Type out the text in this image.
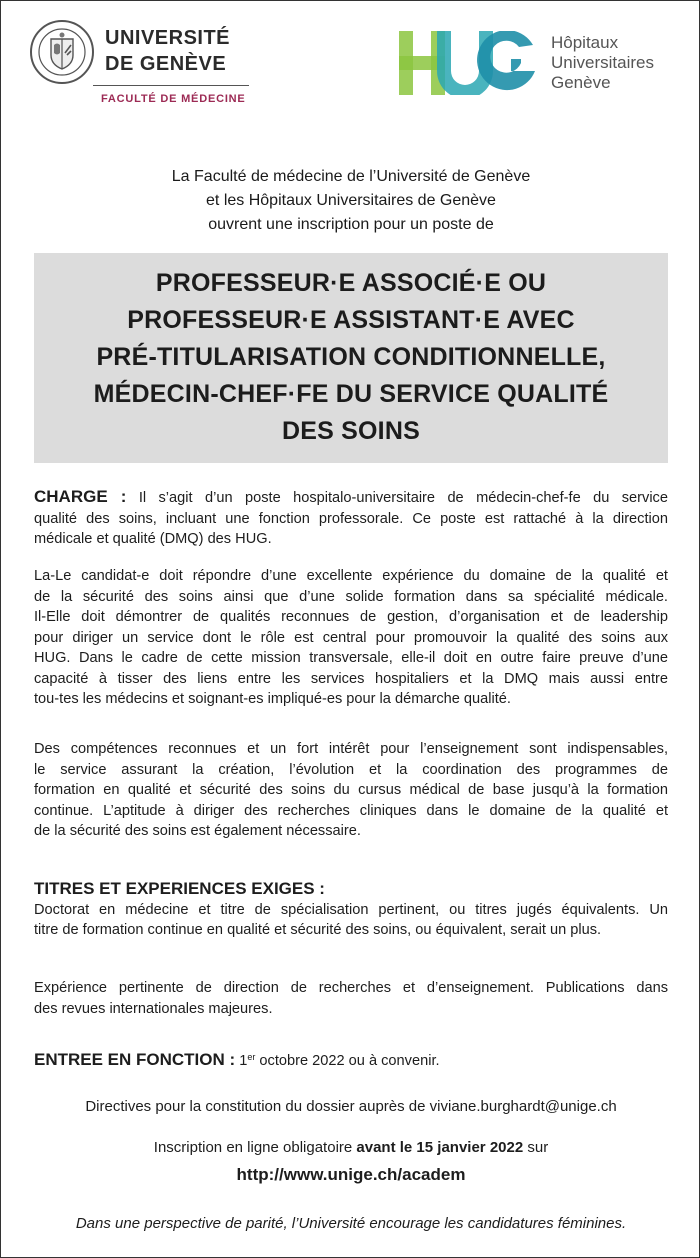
UNIVERSITÉ
DE GENÈVE
FACULTÉ DE MÉDECINE
Hôpitaux
Universitaires
Genève
La Faculté de médecine de l’Université de Genève
et les Hôpitaux Universitaires de Genève
ouvrent une inscription pour un poste de
PROFESSEUR·E ASSOCIÉ·E OU
PROFESSEUR·E ASSISTANT·E AVEC
PRÉ-TITULARISATION CONDITIONNELLE,
MÉDECIN-CHEF·FE DU SERVICE QUALITÉ
DES SOINS
CHARGE : Il s’agit d’un poste hospitalo-universitaire de médecin-chef-fe du service
qualité des soins, incluant une fonction professorale. Ce poste est rattaché à la direction
médicale et qualité (DMQ) des HUG.
La-Le candidat-e doit répondre d’une excellente expérience du domaine de la qualité et
de la sécurité des soins ainsi que d’une solide formation dans sa spécialité médicale.
Il-Elle doit démontrer de qualités reconnues de gestion, d’organisation et de leadership
pour diriger un service dont le rôle est central pour promouvoir la qualité des soins aux
HUG. Dans le cadre de cette mission transversale, elle-il doit en outre faire preuve d’une
capacité à tisser des liens entre les services hospitaliers et la DMQ mais aussi entre
tou-tes les médecins et soignant-es impliqué-es pour la démarche qualité.
Des compétences reconnues et un fort intérêt pour l’enseignement sont indispensables,
le service assurant la création, l’évolution et la coordination des programmes de
formation en qualité et sécurité des soins du cursus médical de base jusqu’à la formation
continue. L’aptitude à diriger des recherches cliniques dans le domaine de la qualité et
de la sécurité des soins est également nécessaire.
TITRES ET EXPERIENCES EXIGES :
Doctorat en médecine et titre de spécialisation pertinent, ou titres jugés équivalents. Un
titre de formation continue en qualité et sécurité des soins, ou équivalent, serait un plus.
Expérience pertinente de direction de recherches et d’enseignement. Publications dans
des revues internationales majeures.
ENTREE EN FONCTION : 1er octobre 2022 ou à convenir.
Directives pour la constitution du dossier auprès de viviane.burghardt@unige.ch
Inscription en ligne obligatoire avant le 15 janvier 2022 sur
http://www.unige.ch/academ
Dans une perspective de parité, l’Université encourage les candidatures féminines.
